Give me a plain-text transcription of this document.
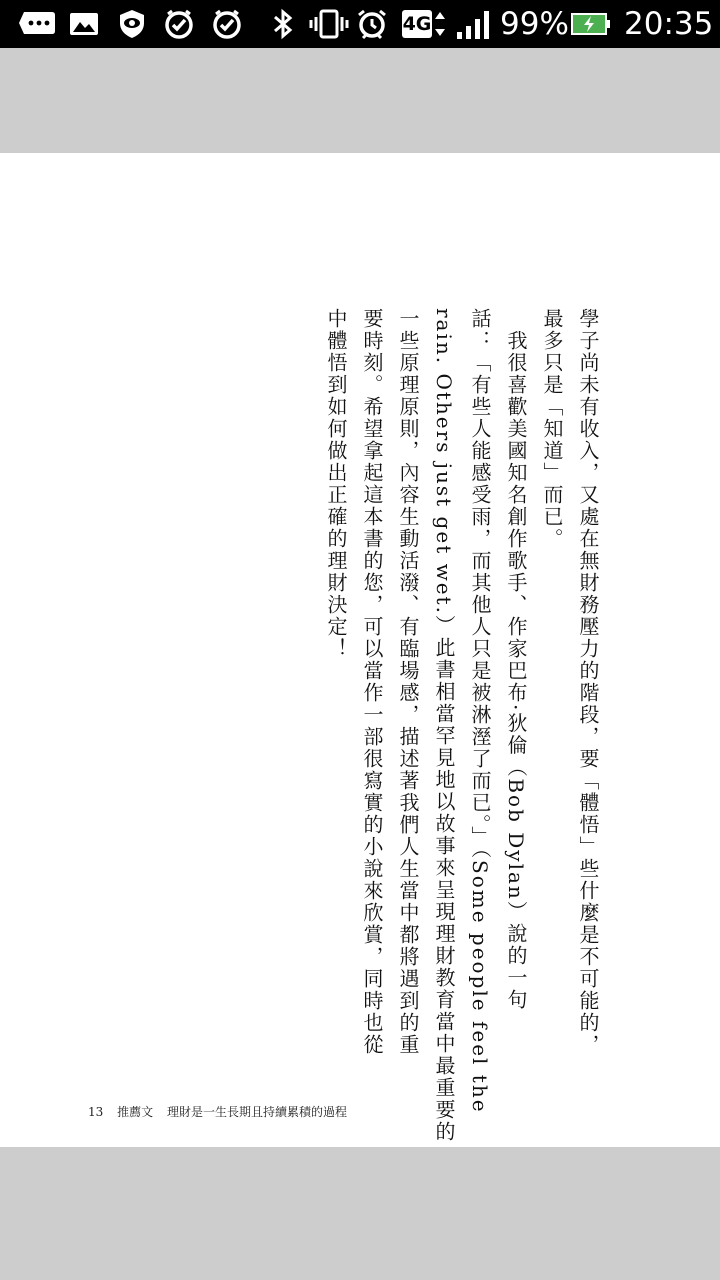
4G 99% 20:35
學子尚未有收入，又處在無財務壓力的階段，要「體悟」些什麼是不可能的，
最多只是「知道」而已。
　我很喜歡美國知名創作歌手、作家巴布·狄倫（Bob Dylan）說的一句
話：「有些人能感受雨，而其他人只是被淋溼了而已。」（Some people feel the
rain. Others just get wet.）此書相當罕見地以故事來呈現理財教育當中最重要的
一些原理原則，內容生動活潑、有臨場感，描述著我們人生當中都將遇到的重
要時刻。希望拿起這本書的您，可以當作一部很寫實的小說來欣賞，同時也從
中體悟到如何做出正確的理財決定！
13 推薦文 理財是一生長期且持續累積的過程
